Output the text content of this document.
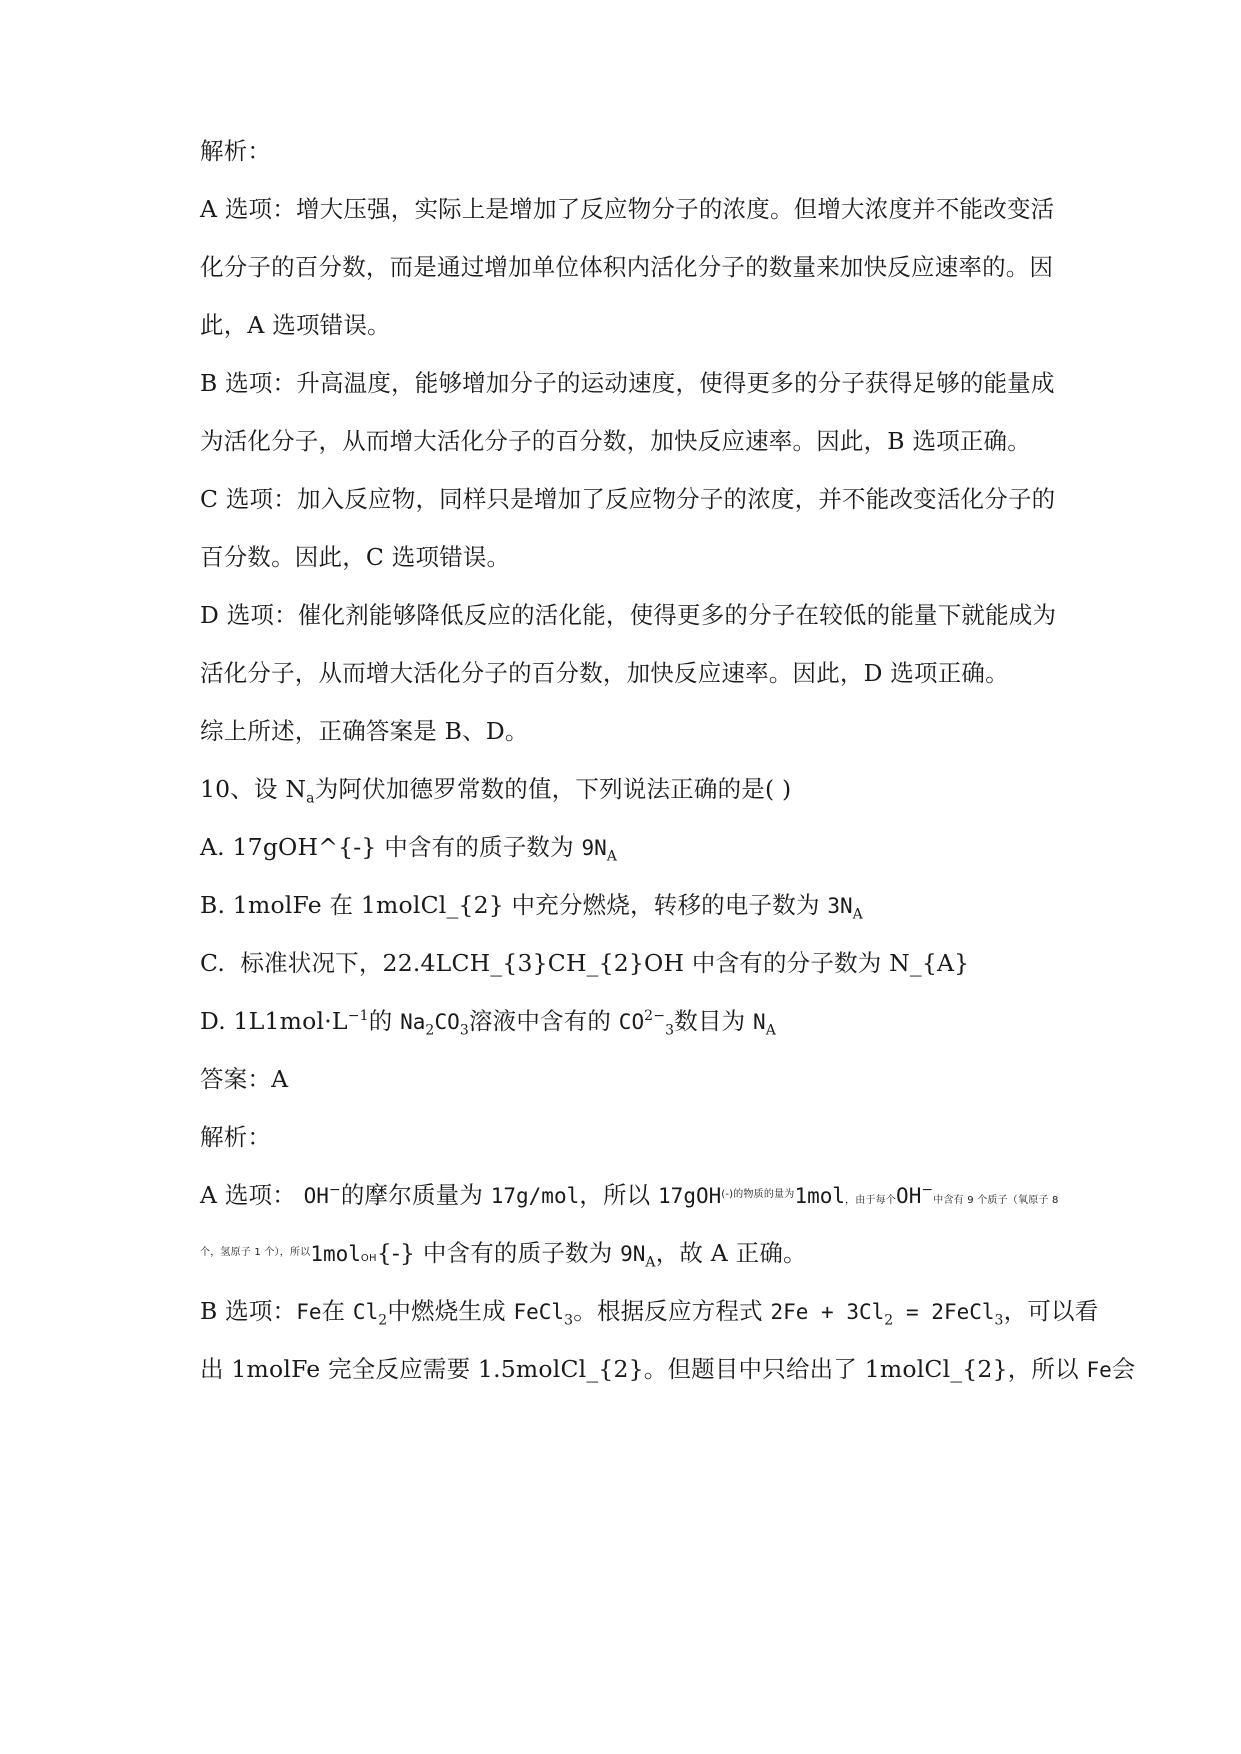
解析：
A 选项：增大压强，实际上是增加了反应物分子的浓度。但增大浓度并不能改变活
化分子的百分数，而是通过增加单位体积内活化分子的数量来加快反应速率的。因
此，A 选项错误。
B 选项：升高温度，能够增加分子的运动速度，使得更多的分子获得足够的能量成
为活化分子，从而增大活化分子的百分数，加快反应速率。因此，B 选项正确。
C 选项：加入反应物，同样只是增加了反应物分子的浓度，并不能改变活化分子的
百分数。因此，C 选项错误。
D 选项：催化剂能够降低反应的活化能，使得更多的分子在较低的能量下就能成为
活化分子，从而增大活化分子的百分数，加快反应速率。因此，D 选项正确。
综上所述，正确答案是 B、D。
10、设 $N_a$为阿伏加德罗常数的值，下列说法正确的是( )
A. 17gOH^{-} 中含有的质子数为 $9N_A$
B. 1molFe 在 1molCl_{2} 中充分燃烧，转移的电子数为 $3N_A$
C.  标准状况下，22.4LCH_{3}CH_{2}OH 中含有的分子数为 N_{A}
D. $1L1mol\cdot L^{-1}$的 $Na_2CO_3$溶液中含有的 $CO^{2-}_3$数目为 $N_A$
答案：A
解析：
A 选项： OH−的摩尔质量为 17g/mol，所以 17gOH$^{(-)的物质的量为}$1mol，由于每个OH−中含有 9 个质子（氧原子 8
$^{个,氢原子 1 个),所以}$1molOH{-} 中含有的质子数为 $9N_A$，故 A 正确。
B 选项：Fe在 $Cl_2$中燃烧生成 FeCl$_3$。根据反应方程式 $2Fe + 3Cl_2$ = 2FeCl$_3$，可以看
出 1molFe 完全反应需要 1.5molCl_{2}。但题目中只给出了 1molCl_{2}，所以 Fe会
